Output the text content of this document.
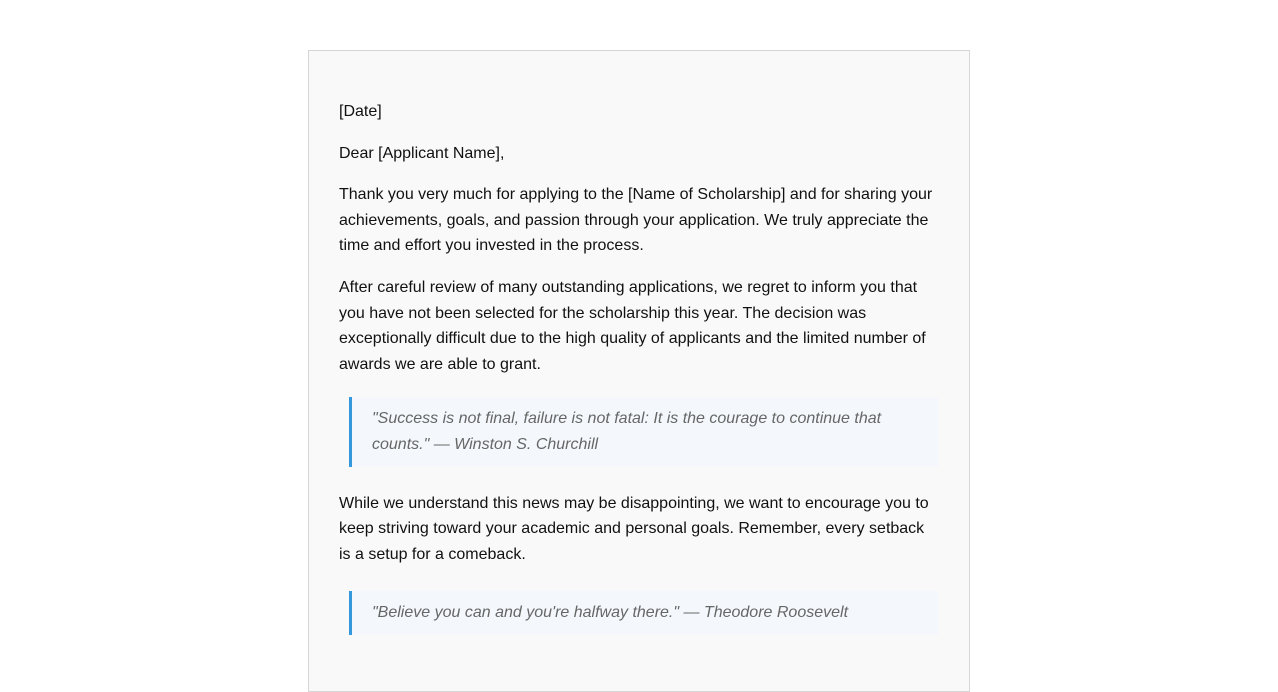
[Date]

Dear [Applicant Name],

Thank you very much for applying to the [Name of Scholarship] and for sharing your achievements, goals, and passion through your application. We truly appreciate the time and effort you invested in the process.

After careful review of many outstanding applications, we regret to inform you that you have not been selected for the scholarship this year. The decision was exceptionally difficult due to the high quality of applicants and the limited number of awards we are able to grant.

"Success is not final, failure is not fatal: It is the courage to continue that counts." — Winston S. Churchill

While we understand this news may be disappointing, we want to encourage you to keep striving toward your academic and personal goals. Remember, every setback is a setup for a comeback.

"Believe you can and you're halfway there." — Theodore Roosevelt
